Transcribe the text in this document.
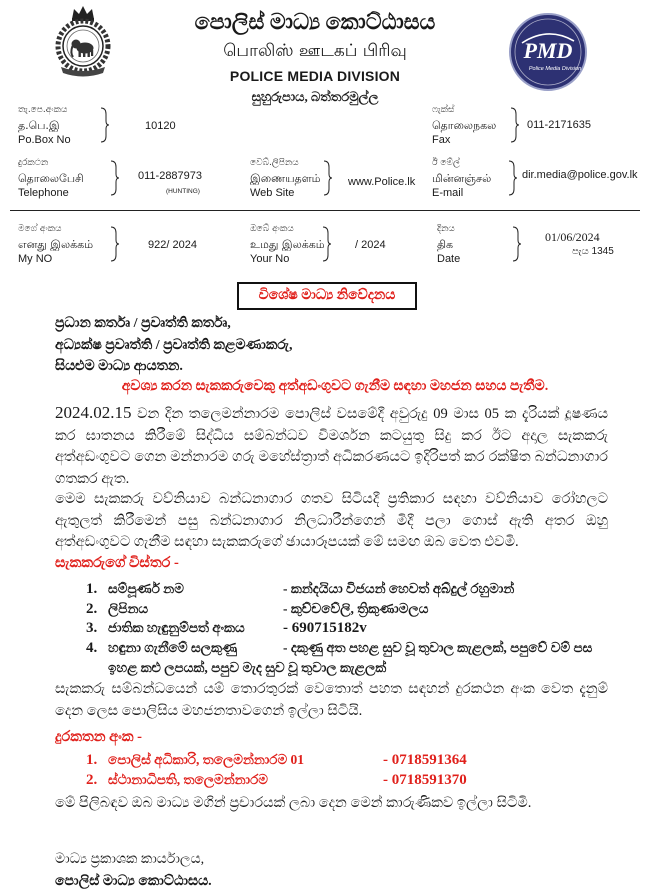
පොලිස් මාධ්‍ය කොට්ඨාසය
பொலிஸ் ஊடகப் பிரிவு
POLICE MEDIA DIVISION
සුහුරුපාය, බත්තරමුල්ල
PMD
Police Media Division
තැ.පෙ.අංකය
த.பெ.இ
Po.Box No
10120
ෆැක්ස්
தொலைநகல
Fax
011-2171635
දුරකථන
தொலைபேசி
Telephone
011-2887973
(HUNTING)
වෙබ්.ලිපිනය
இணையதளம்
Web Site
www.Police.lk
ඊ මේල්
மின்னஞ்சல்
E-mail
dir.media@police.gov.lk
මගේ අංකය
எனது இலக்கம்
My NO
922/ 2024
ඔබේ අංකය
உமது இலக்கம்
Your No
/ 2024
දිනය
திக
Date
01/06/2024
පැය 1345
විශේෂ මාධ්‍ය නිවේදනය
ප්‍රධාන කර්තෘ / ප්‍රවෘත්ති කර්තෘ,
අධ්‍යක්ෂ ප්‍රවෘත්ති / ප්‍රවෘත්ති කළමණාකරු,
සියළුම මාධ්‍ය ආයතන.
අවශ්‍ය කරන සැකකරුවෙකු අත්අඩංගුවට ගැනීම සඳහා මහජන සහය පැතීම.
2024.02.15 වන දින තලෙමන්නාරම පොලිස් වසමේදී අවුරුදු 09 මාස 05 ක දැරියක් දූෂණය කර ඝාතනය කිරීමේ සිද්ධිය සම්බන්ධව විමර්ශන කටයුතු සිදු කර ඊට අදාල සැකකරු අත්අඩංගුවට ගෙන මන්නාරම ගරු මහේස්ත්‍රාත් අධිකරණයට ඉදිරිපත් කර රක්ෂිත බන්ධනාගාර ගතකර ඇත.
මෙම සැකකරු වව්නියාව බන්ධනාගාර ගතව සිටියදී ප්‍රතිකාර සඳහා වව්නියාව රෝහලට ඇතුලත් කිරීමෙන් පසු බන්ධනාගාර නිලධාරීන්ගෙන් මිදී පලා ගොස් ඇති අතර ඔහු අත්අඩංගුවට ගැනීම සඳහා සැකකරුගේ ඡායාරූපයක් මේ සමඟ ඔබ වෙත එවමි.
සැකකරුගේ විස්තර -
1. සම්පූර්ණ නම	- කන්දයියා විජයන් හෙවත් අබ්දුල් රහුමාන්
2. ලිපිනය	- කුච්චවේලි, ත්‍රිකුණාමලය
3. ජාතික හැඳුනුම්පත් අංකය	- 690715182v
4. හඳුනා ගැනීමේ සලකුණු	- දකුණු අත පහළ සුව වූ තුවාල කැළලක්, පපුවේ වම් පස ඉහළ කළු ලපයක්, පපුව මැද සුව වූ තුවාල කැළලක්
සැකකරු සම්බන්ධයෙන් යම් තොරතුරක් වෙතොත් පහත සඳහන් දුරකථන අංක වෙත දැනුම් දෙන ලෙස පොලිසිය මහජනතාවගෙන් ඉල්ලා සිටියි.
දුරකතන අංක -
1. පොලිස් අධිකාරි, තලෙමන්නාරම 01	- 0718591364
2. ස්ථානාධිපති, තලෙමන්නාරම	- 0718591370
මේ පිලිබඳව ඔබ මාධ්‍ය මගින් ප්‍රචාරයක් ලබා දෙන මෙන් කාරුණිකව ඉල්ලා සිටිමි.
මාධ්‍ය ප්‍රකාශක කාර්යාලය,
පොලිස් මාධ්‍ය කොට්ඨාසය.
